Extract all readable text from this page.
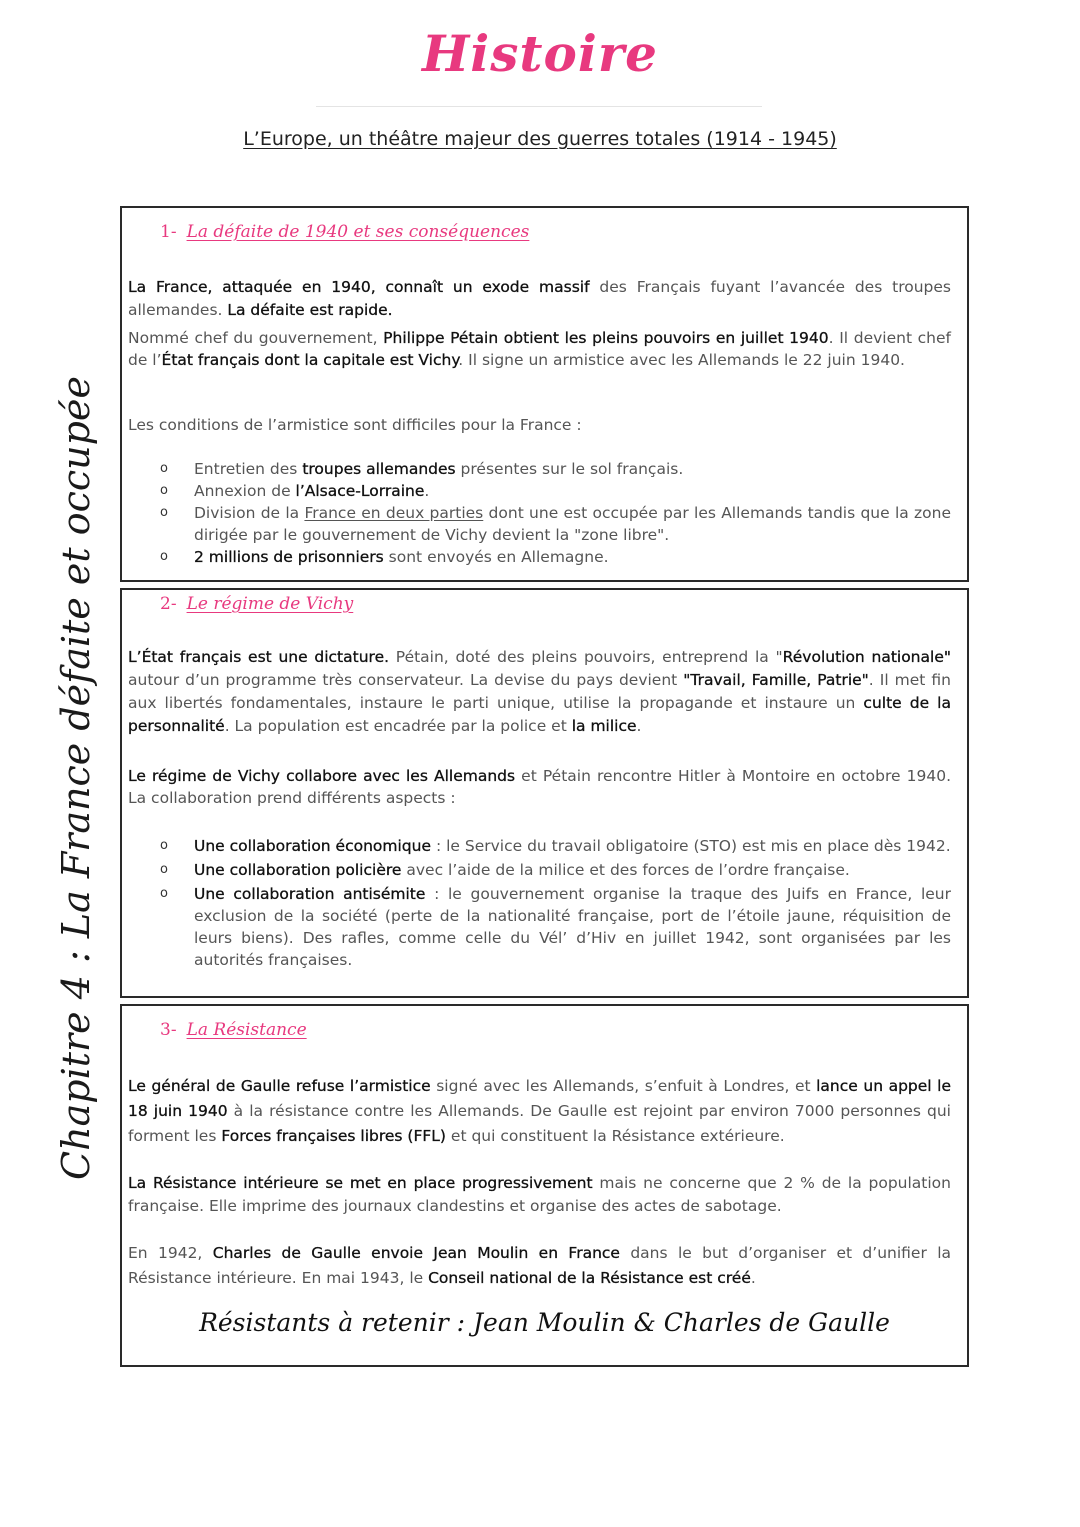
Histoire
L’Europe, un théâtre majeur des guerres totales (1914 - 1945)
Chapitre 4 : La France défaite et occupée
1- La défaite de 1940 et ses conséquences

La France, attaquée en 1940, connaît un exode massif des Français fuyant l’avancée des troupes allemandes. La défaite est rapide.

Nommé chef du gouvernement, Philippe Pétain obtient les pleins pouvoirs en juillet 1940. Il devient chef de l’État français dont la capitale est Vichy. Il signe un armistice avec les Allemands le 22 juin 1940.

Les conditions de l’armistice sont difficiles pour la France :

o Entretien des troupes allemandes présentes sur le sol français.
o Annexion de l’Alsace-Lorraine.
o Division de la France en deux parties dont une est occupée par les Allemands tandis que la zone dirigée par le gouvernement de Vichy devient la "zone libre".
o 2 millions de prisonniers sont envoyés en Allemagne.
2- Le régime de Vichy

L’État français est une dictature. Pétain, doté des pleins pouvoirs, entreprend la "Révolution nationale" autour d’un programme très conservateur. La devise du pays devient "Travail, Famille, Patrie". Il met fin aux libertés fondamentales, instaure le parti unique, utilise la propagande et instaure un culte de la personnalité. La population est encadrée par la police et la milice.

Le régime de Vichy collabore avec les Allemands et Pétain rencontre Hitler à Montoire en octobre 1940. La collaboration prend différents aspects :

o Une collaboration économique : le Service du travail obligatoire (STO) est mis en place dès 1942.
o Une collaboration policière avec l’aide de la milice et des forces de l’ordre française.
o Une collaboration antisémite : le gouvernement organise la traque des Juifs en France, leur exclusion de la société (perte de la nationalité française, port de l’étoile jaune, réquisition de leurs biens). Des rafles, comme celle du Vél’ d’Hiv en juillet 1942, sont organisées par les autorités françaises.
3- La Résistance

Le général de Gaulle refuse l’armistice signé avec les Allemands, s’enfuit à Londres, et lance un appel le 18 juin 1940 à la résistance contre les Allemands. De Gaulle est rejoint par environ 7000 personnes qui forment les Forces françaises libres (FFL) et qui constituent la Résistance extérieure.

La Résistance intérieure se met en place progressivement mais ne concerne que 2 % de la population française. Elle imprime des journaux clandestins et organise des actes de sabotage.

En 1942, Charles de Gaulle envoie Jean Moulin en France dans le but d’organiser et d’unifier la Résistance intérieure. En mai 1943, le Conseil national de la Résistance est créé.

Résistants à retenir : Jean Moulin & Charles de Gaulle
